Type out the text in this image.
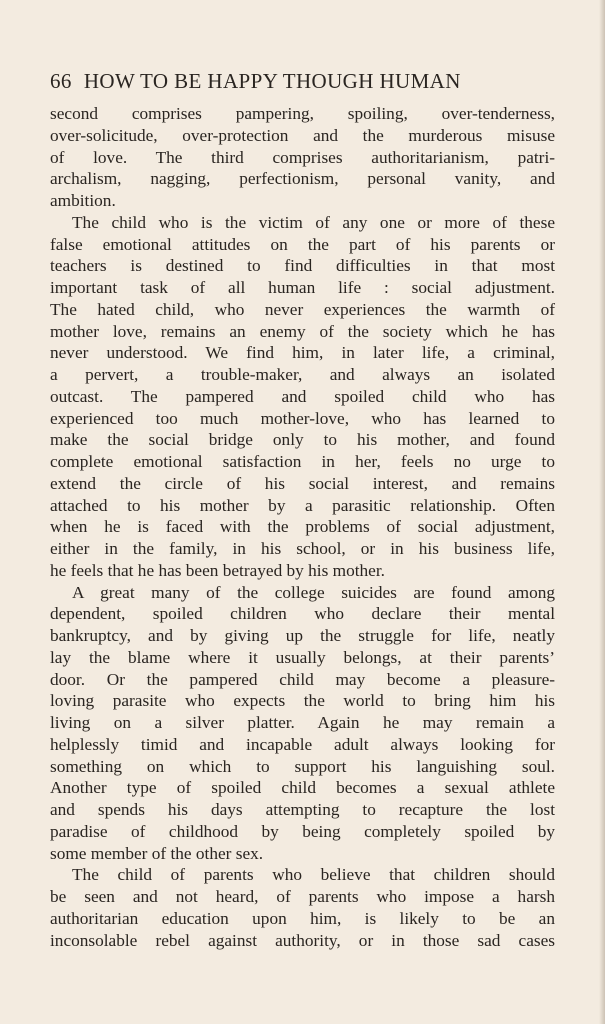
66 HOW TO BE HAPPY THOUGH HUMAN
second comprises pampering, spoiling, over-tenderness,
over-solicitude, over-protection and the murderous misuse
of love. The third comprises authoritarianism, patri-
archalism, nagging, perfectionism, personal vanity, and
ambition.
The child who is the victim of any one or more of these
false emotional attitudes on the part of his parents or
teachers is destined to find difficulties in that most
important task of all human life : social adjustment.
The hated child, who never experiences the warmth of
mother love, remains an enemy of the society which he has
never understood. We find him, in later life, a criminal,
a pervert, a trouble-maker, and always an isolated
outcast. The pampered and spoiled child who has
experienced too much mother-love, who has learned to
make the social bridge only to his mother, and found
complete emotional satisfaction in her, feels no urge to
extend the circle of his social interest, and remains
attached to his mother by a parasitic relationship. Often
when he is faced with the problems of social adjustment,
either in the family, in his school, or in his business life,
he feels that he has been betrayed by his mother.
A great many of the college suicides are found among
dependent, spoiled children who declare their mental
bankruptcy, and by giving up the struggle for life, neatly
lay the blame where it usually belongs, at their parents’
door. Or the pampered child may become a pleasure-
loving parasite who expects the world to bring him his
living on a silver platter. Again he may remain a
helplessly timid and incapable adult always looking for
something on which to support his languishing soul.
Another type of spoiled child becomes a sexual athlete
and spends his days attempting to recapture the lost
paradise of childhood by being completely spoiled by
some member of the other sex.
The child of parents who believe that children should
be seen and not heard, of parents who impose a harsh
authoritarian education upon him, is likely to be an
inconsolable rebel against authority, or in those sad cases
